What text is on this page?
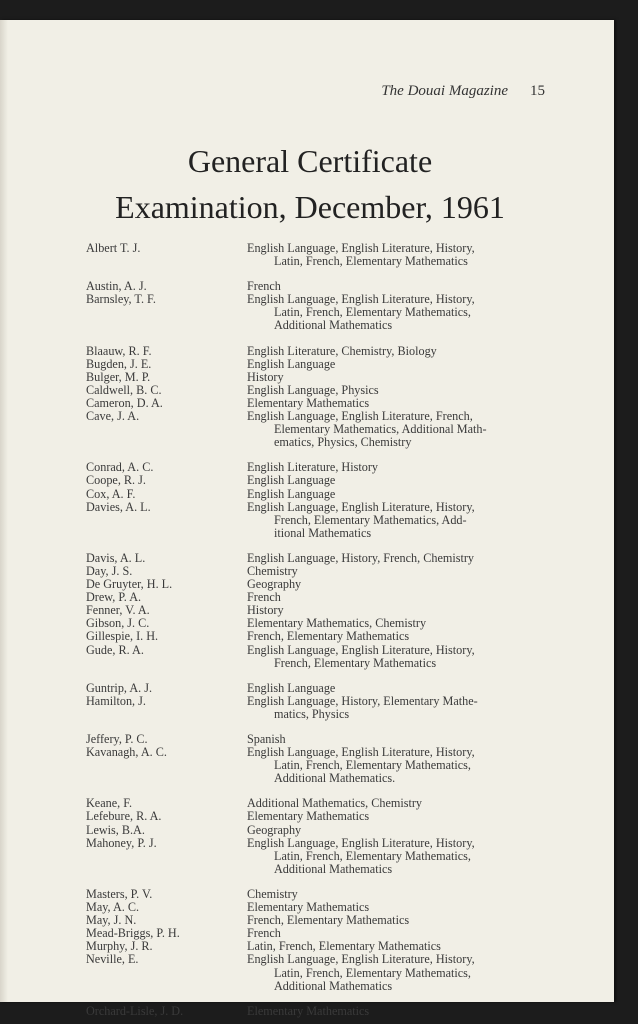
The Douai Magazine 15
General Certificate
Examination, December, 1961
Albert T. J.	English Language, English Literature, History,
Latin, French, Elementary Mathematics
Austin, A. J.	French
Barnsley, T. F.	English Language, English Literature, History,
Latin, French, Elementary Mathematics,
Additional Mathematics
Blaauw, R. F.	English Literature, Chemistry, Biology
Bugden, J. E.	English Language
Bulger, M. P.	History
Caldwell, B. C.	English Language, Physics
Cameron, D. A.	Elementary Mathematics
Cave, J. A.	English Language, English Literature, French,
Elementary Mathematics, Additional Math-
ematics, Physics, Chemistry
Conrad, A. C.	English Literature, History
Coope, R. J.	English Language
Cox, A. F.	English Language
Davies, A. L.	English Language, English Literature, History,
French, Elementary Mathematics, Add-
itional Mathematics
Davis, A. L.	English Language, History, French, Chemistry
Day, J. S.	Chemistry
De Gruyter, H. L.	Geography
Drew, P. A.	French
Fenner, V. A.	History
Gibson, J. C.	Elementary Mathematics, Chemistry
Gillespie, I. H.	French, Elementary Mathematics
Gude, R. A.	English Language, English Literature, History,
French, Elementary Mathematics
Guntrip, A. J.	English Language
Hamilton, J.	English Language, History, Elementary Mathe-
matics, Physics
Jeffery, P. C.	Spanish
Kavanagh, A. C.	English Language, English Literature, History,
Latin, French, Elementary Mathematics,
Additional Mathematics.
Keane, F.	Additional Mathematics, Chemistry
Lefebure, R. A.	Elementary Mathematics
Lewis, B.A.	Geography
Mahoney, P. J.	English Language, English Literature, History,
Latin, French, Elementary Mathematics,
Additional Mathematics
Masters, P. V.	Chemistry
May, A. C.	Elementary Mathematics
May, J. N.	French, Elementary Mathematics
Mead-Briggs, P. H.	French
Murphy, J. R.	Latin, French, Elementary Mathematics
Neville, E.	English Language, English Literature, History,
Latin, French, Elementary Mathematics,
Additional Mathematics
Orchard-Lisle, J. D.	Elementary Mathematics
